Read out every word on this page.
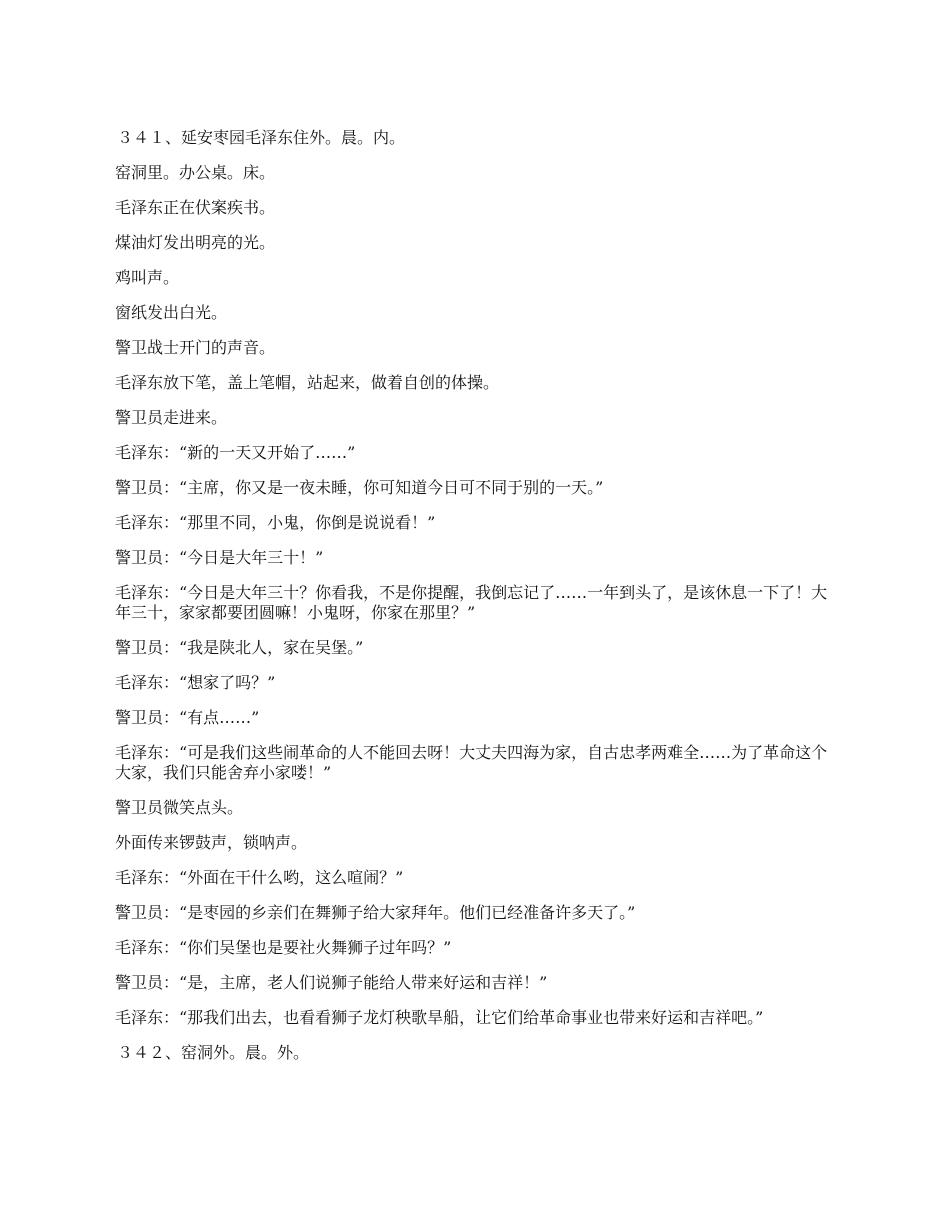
３４１、延安枣园毛泽东住外。晨。内。

窑洞里。办公桌。床。

毛泽东正在伏案疾书。

煤油灯发出明亮的光。

鸡叫声。

窗纸发出白光。

警卫战士开门的声音。

毛泽东放下笔，盖上笔帽，站起来，做着自创的体操。

警卫员走进来。

毛泽东：“新的一天又开始了……”

警卫员：“主席，你又是一夜未睡，你可知道今日可不同于别的一天。”

毛泽东：“那里不同，小鬼，你倒是说说看！”

警卫员：“今日是大年三十！”

毛泽东：“今日是大年三十？你看我，不是你提醒，我倒忘记了……一年到头了，是该休息一下了！大年三十，家家都要团圆嘛！小鬼呀，你家在那里？”

警卫员：“我是陕北人，家在吴堡。”

毛泽东：“想家了吗？”

警卫员：“有点……”

毛泽东：“可是我们这些闹革命的人不能回去呀！大丈夫四海为家，自古忠孝两难全……为了革命这个大家，我们只能舍弃小家喽！”

警卫员微笑点头。

外面传来锣鼓声，锁呐声。

毛泽东：“外面在干什么哟，这么喧闹？”

警卫员：“是枣园的乡亲们在舞狮子给大家拜年。他们已经准备许多天了。”

毛泽东：“你们吴堡也是要社火舞狮子过年吗？”

警卫员：“是，主席，老人们说狮子能给人带来好运和吉祥！”

毛泽东：“那我们出去，也看看狮子龙灯秧歌旱船，让它们给革命事业也带来好运和吉祥吧。”

３４２、窑洞外。晨。外。
